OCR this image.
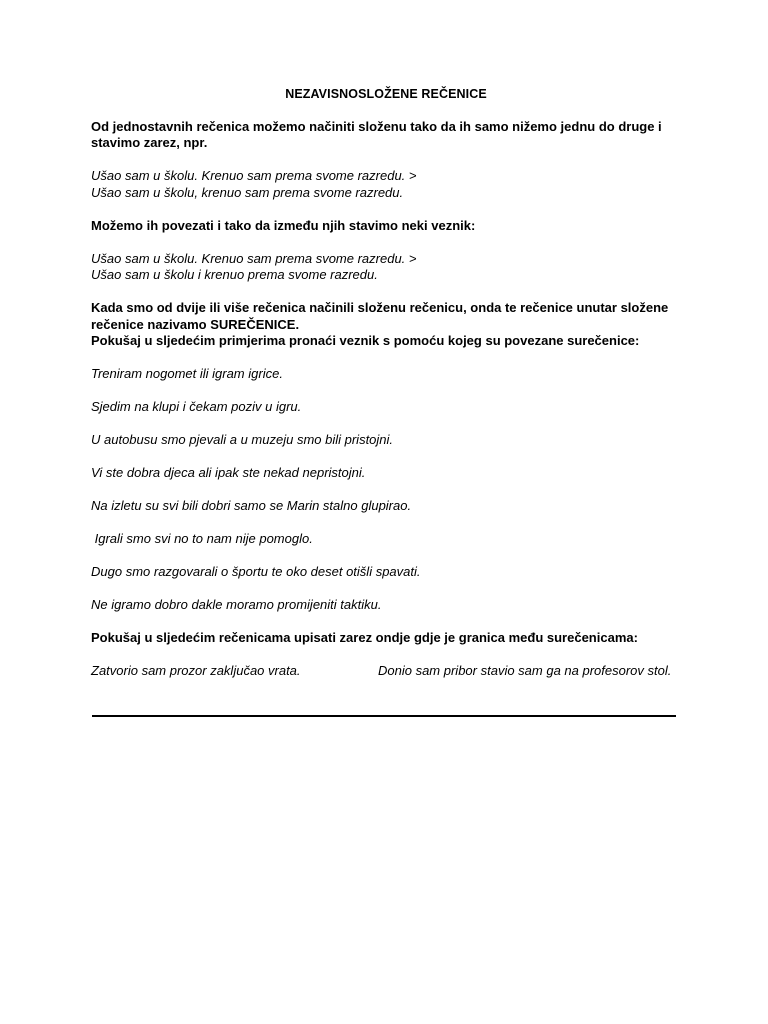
NEZAVISNOSLOŽENE REČENICE

Od jednostavnih rečenica možemo načiniti složenu tako da ih samo nižemo jednu do druge i stavimo zarez, npr.

Ušao sam u školu. Krenuo sam prema svome razredu. >

Ušao sam u školu, krenuo sam prema svome razredu.

Možemo ih povezati i tako da između njih stavimo neki veznik:

Ušao sam u školu. Krenuo sam prema svome razredu. >

Ušao sam u školu i krenuo prema svome razredu.

Kada smo od dvije ili više rečenica načinili složenu rečenicu, onda te rečenice unutar složene rečenice nazivamo SUREČENICE.

Pokušaj u sljedećim primjerima pronaći veznik s pomoću kojeg su povezane surečenice:

Treniram nogomet ili igram igrice.

Sjedim na klupi i čekam poziv u igru.

U autobusu smo pjevali a u muzeju smo bili pristojni.

Vi ste dobra djeca ali ipak ste nekad nepristojni.

Na izletu su svi bili dobri samo se Marin stalno glupirao.

Igrali smo svi no to nam nije pomoglo.

Dugo smo razgovarali o športu te oko deset otišli spavati.

Ne igramo dobro dakle moramo promijeniti taktiku.

Pokušaj u sljedećim rečenicama upisati zarez ondje gdje je granica među surečenicama:

Zatvorio sam prozor zaključao vrata.	Donio sam pribor stavio sam ga na profesorov stol.
